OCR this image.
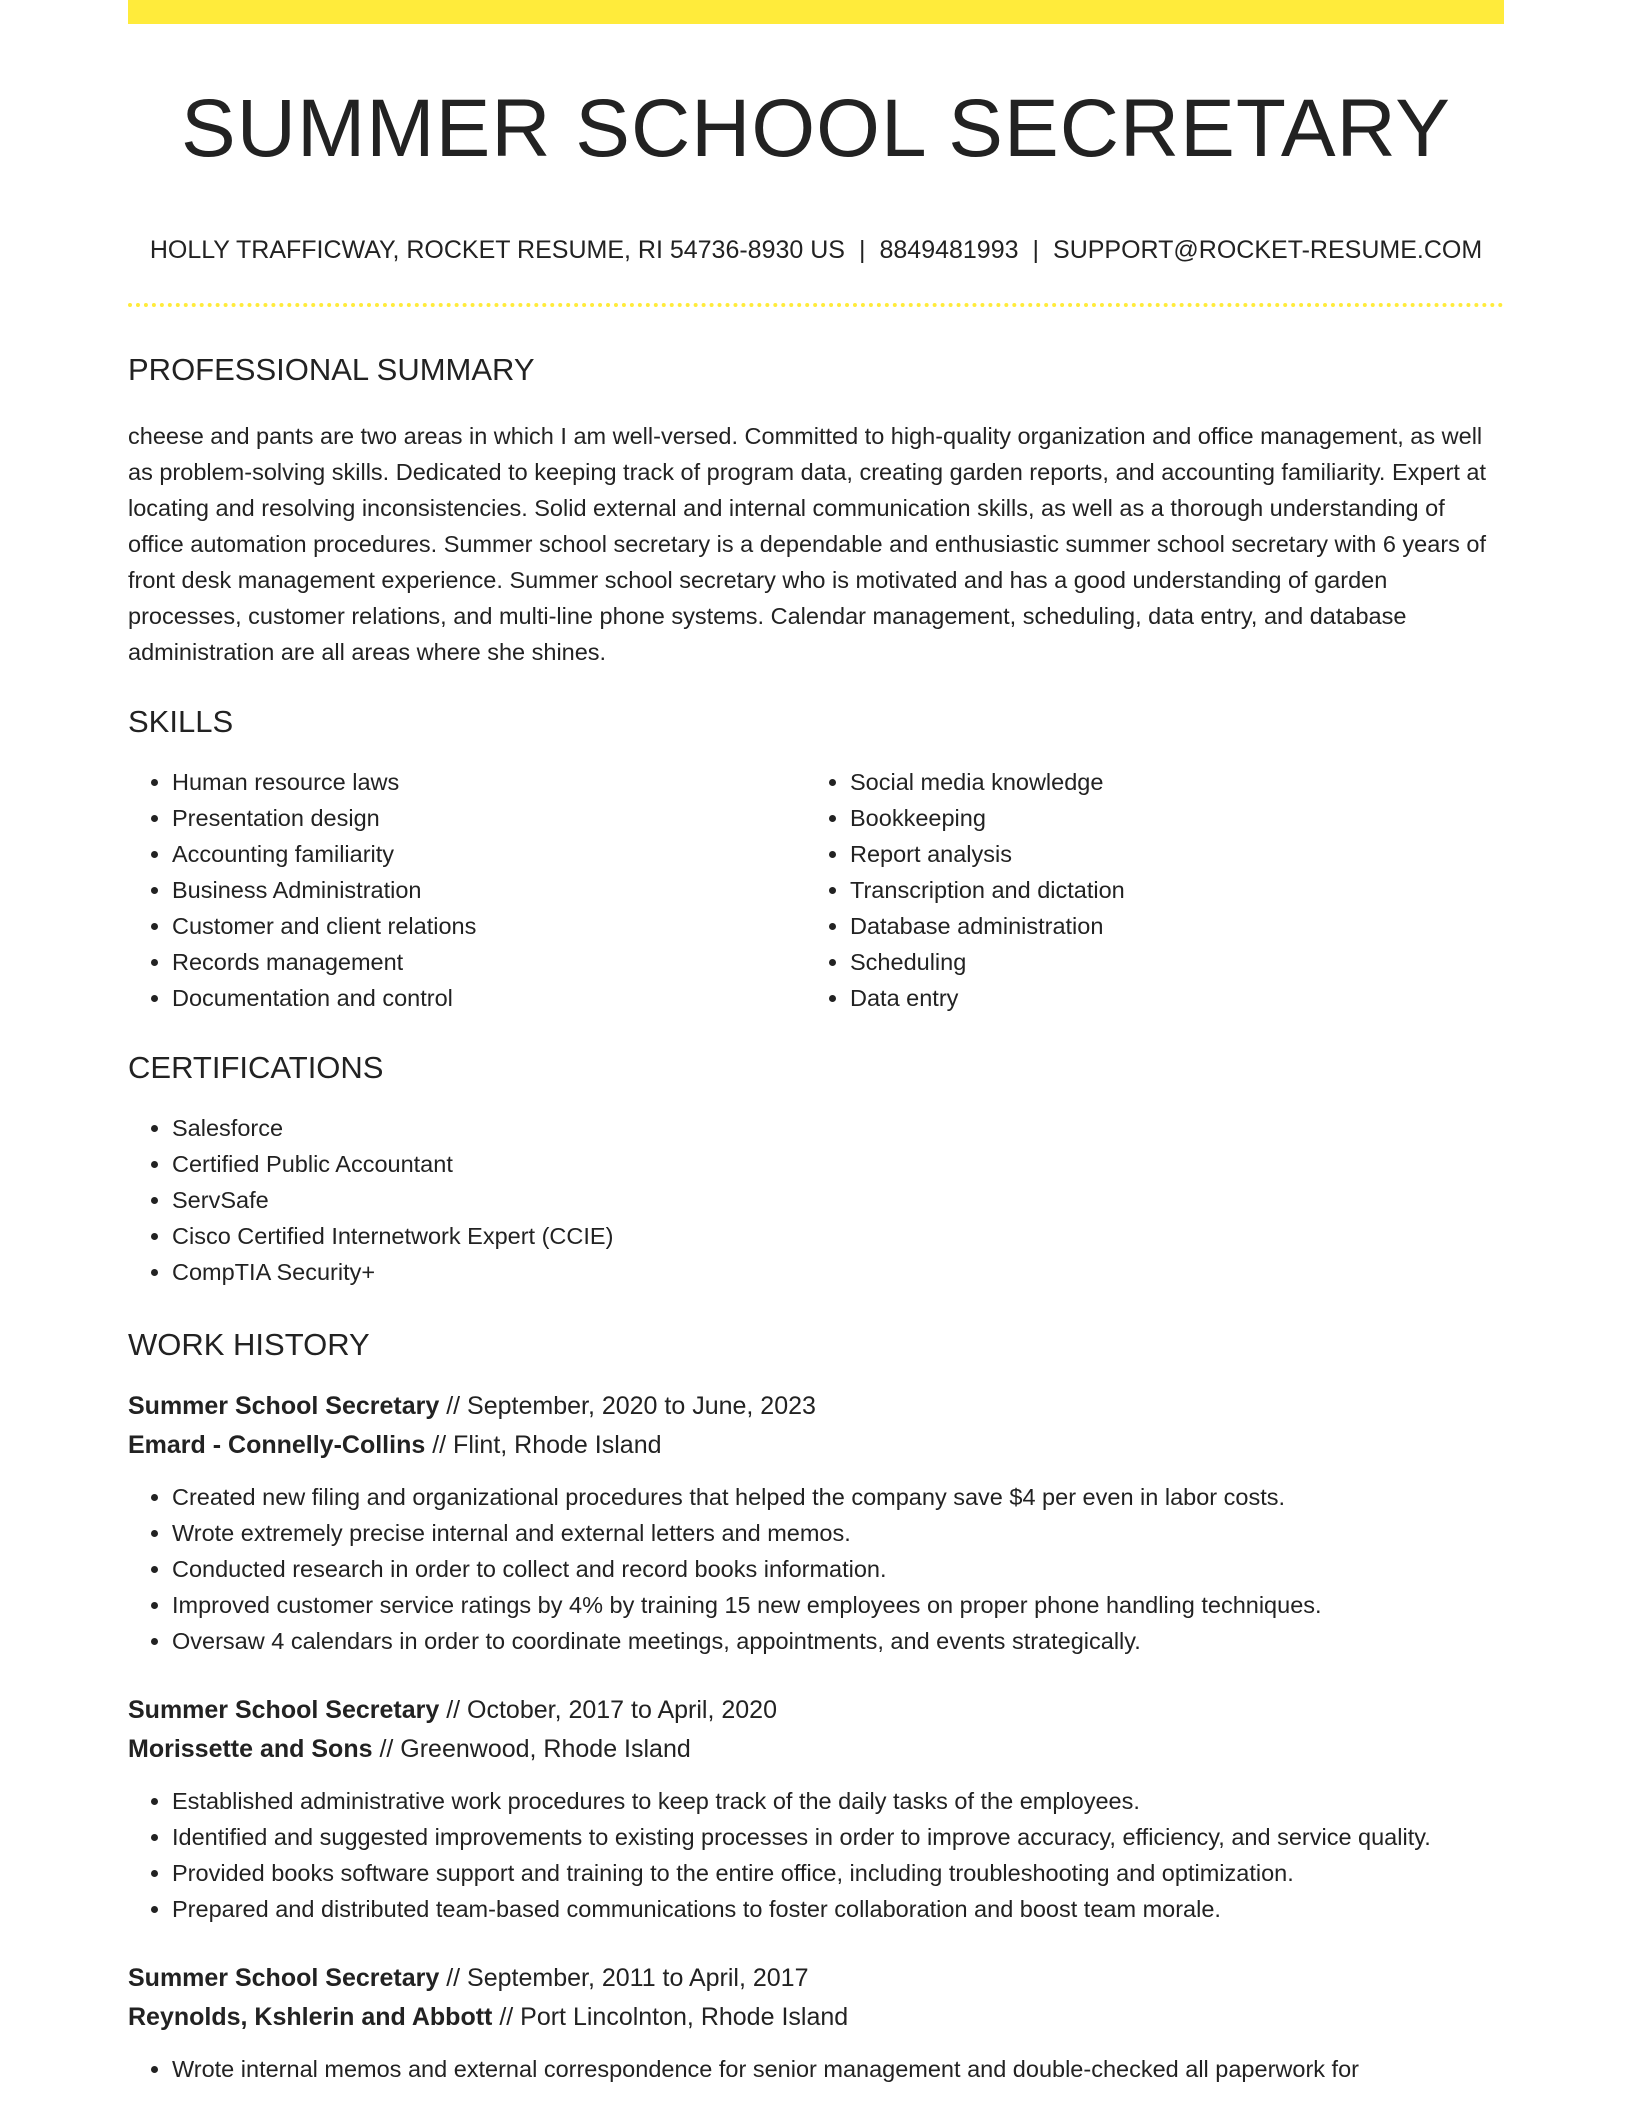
SUMMER SCHOOL SECRETARY
HOLLY TRAFFICWAY, ROCKET RESUME, RI 54736-8930 US | 8849481993 | SUPPORT@ROCKET-RESUME.COM
PROFESSIONAL SUMMARY

cheese and pants are two areas in which I am well-versed. Committed to high-quality organization and office management, as well as problem-solving skills. Dedicated to keeping track of program data, creating garden reports, and accounting familiarity. Expert at locating and resolving inconsistencies. Solid external and internal communication skills, as well as a thorough understanding of office automation procedures. Summer school secretary is a dependable and enthusiastic summer school secretary with 6 years of front desk management experience. Summer school secretary who is motivated and has a good understanding of garden processes, customer relations, and multi-line phone systems. Calendar management, scheduling, data entry, and database administration are all areas where she shines.

SKILLS
• Human resource laws
• Presentation design
• Accounting familiarity
• Business Administration
• Customer and client relations
• Records management
• Documentation and control
• Social media knowledge
• Bookkeeping
• Report analysis
• Transcription and dictation
• Database administration
• Scheduling
• Data entry
CERTIFICATIONS
• Salesforce
• Certified Public Accountant
• ServSafe
• Cisco Certified Internetwork Expert (CCIE)
• CompTIA Security+
WORK HISTORY
Summer School Secretary // September, 2020 to June, 2023
Emard - Connelly-Collins // Flint, Rhode Island
• Created new filing and organizational procedures that helped the company save $4 per even in labor costs.
• Wrote extremely precise internal and external letters and memos.
• Conducted research in order to collect and record books information.
• Improved customer service ratings by 4% by training 15 new employees on proper phone handling techniques.
• Oversaw 4 calendars in order to coordinate meetings, appointments, and events strategically.
Summer School Secretary // October, 2017 to April, 2020
Morissette and Sons // Greenwood, Rhode Island
• Established administrative work procedures to keep track of the daily tasks of the employees.
• Identified and suggested improvements to existing processes in order to improve accuracy, efficiency, and service quality.
• Provided books software support and training to the entire office, including troubleshooting and optimization.
• Prepared and distributed team-based communications to foster collaboration and boost team morale.
Summer School Secretary // September, 2011 to April, 2017
Reynolds, Kshlerin and Abbott // Port Lincolnton, Rhode Island
• Wrote internal memos and external correspondence for senior management and double-checked all paperwork for
